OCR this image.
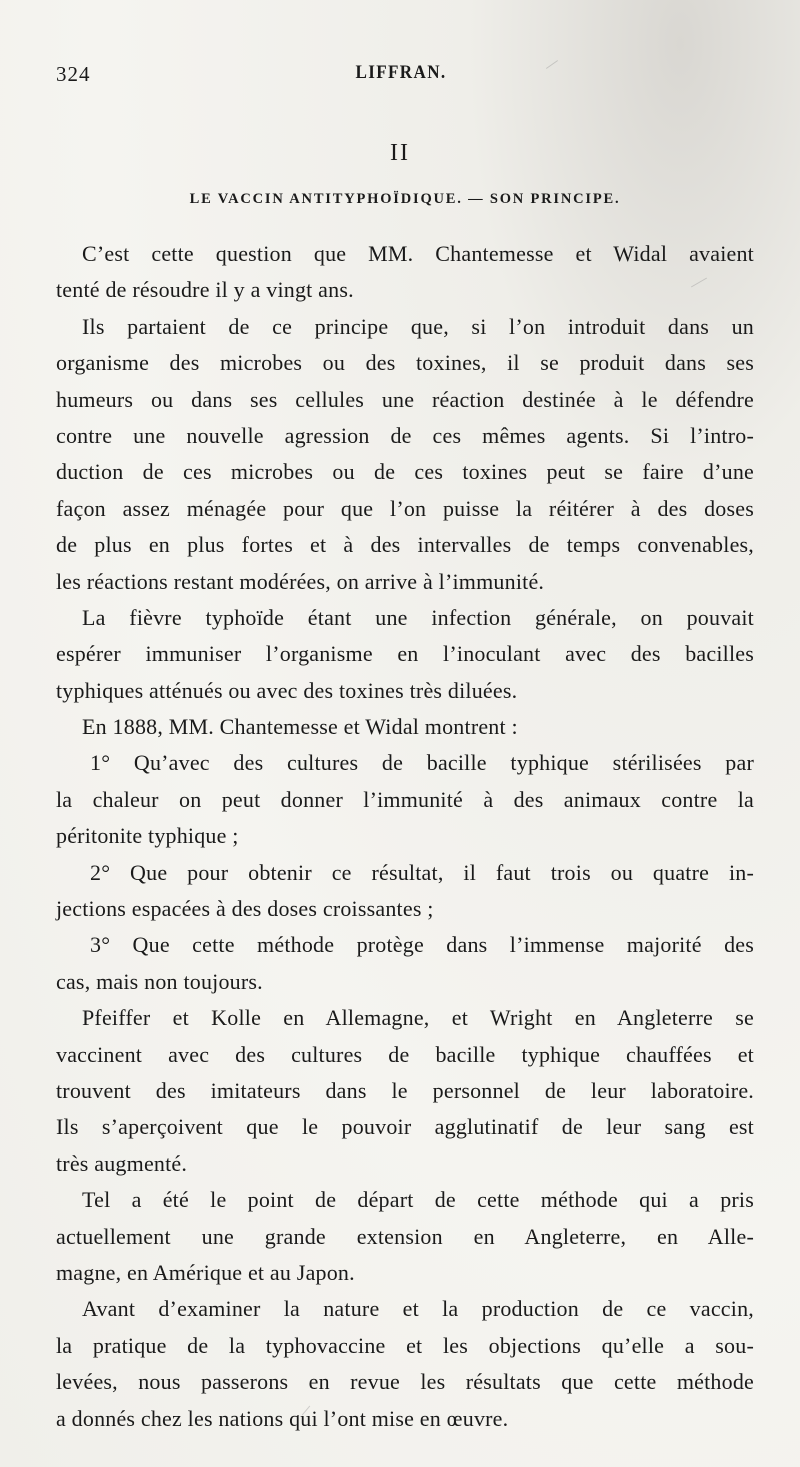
324	LIFFRAN.
II
LE VACCIN ANTITYPHOÏDIQUE. — SON PRINCIPE.
C’est cette question que MM. Chantemesse et Widal avaient
tenté de résoudre il y a vingt ans.
Ils partaient de ce principe que, si l’on introduit dans un
organisme des microbes ou des toxines, il se produit dans ses
humeurs ou dans ses cellules une réaction destinée à le défendre
contre une nouvelle agression de ces mêmes agents. Si l’intro-
duction de ces microbes ou de ces toxines peut se faire d’une
façon assez ménagée pour que l’on puisse la réitérer à des doses
de plus en plus fortes et à des intervalles de temps convenables,
les réactions restant modérées, on arrive à l’immunité.
La fièvre typhoïde étant une infection générale, on pouvait
espérer immuniser l’organisme en l’inoculant avec des bacilles
typhiques atténués ou avec des toxines très diluées.
En 1888, MM. Chantemesse et Widal montrent :
1° Qu’avec des cultures de bacille typhique stérilisées par
la chaleur on peut donner l’immunité à des animaux contre la
péritonite typhique ;
2° Que pour obtenir ce résultat, il faut trois ou quatre in-
jections espacées à des doses croissantes ;
3° Que cette méthode protège dans l’immense majorité des
cas, mais non toujours.
Pfeiffer et Kolle en Allemagne, et Wright en Angleterre se
vaccinent avec des cultures de bacille typhique chauffées et
trouvent des imitateurs dans le personnel de leur laboratoire.
Ils s’aperçoivent que le pouvoir agglutinatif de leur sang est
très augmenté.
Tel a été le point de départ de cette méthode qui a pris
actuellement une grande extension en Angleterre, en Alle-
magne, en Amérique et au Japon.
Avant d’examiner la nature et la production de ce vaccin,
la pratique de la typhovaccine et les objections qu’elle a sou-
levées, nous passerons en revue les résultats que cette méthode
a donnés chez les nations qui l’ont mise en œuvre.
